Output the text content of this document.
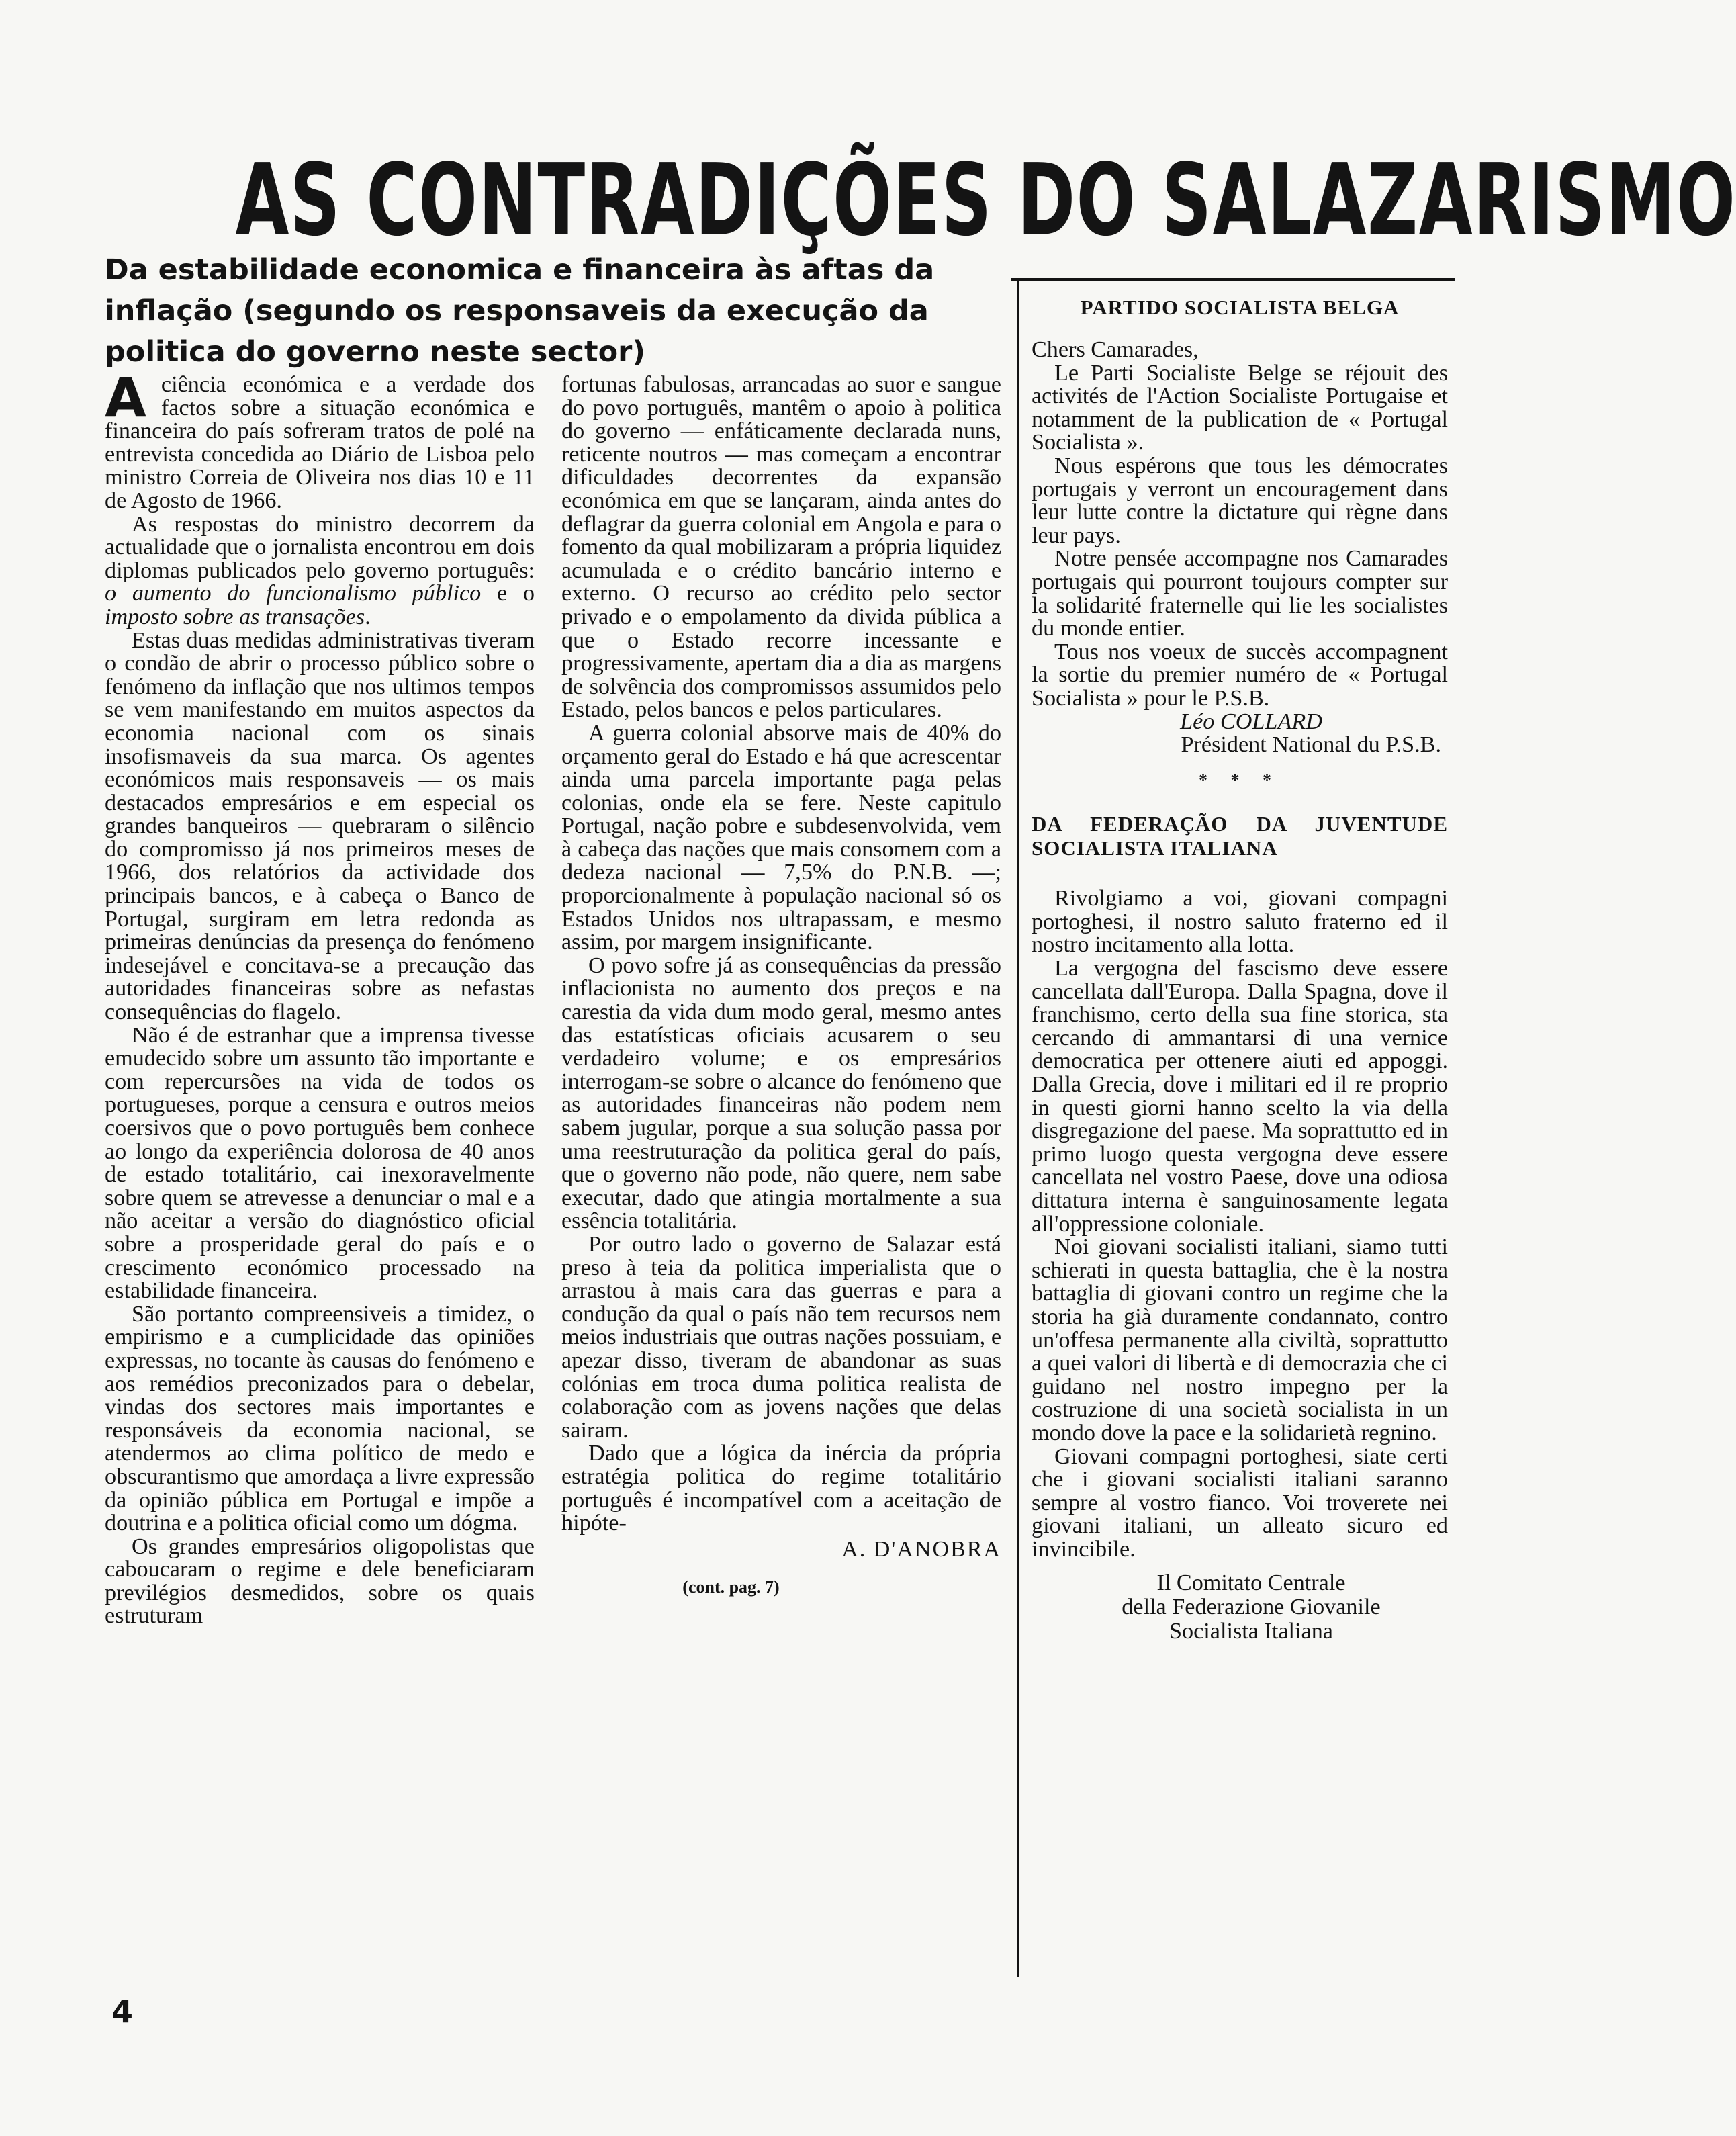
AS CONTRADIÇÕES DO SALAZARISMO
Da estabilidade economica e financeira às aftas da inflação (segundo os responsaveis da execução da politica do governo neste sector)

Aciência económica e a verdade dos factos sobre a situação económica e financeira do país sofreram tratos de polé na entrevista concedida ao Diário de Lisboa pelo ministro Correia de Oliveira nos dias 10 e 11 de Agosto de 1966.

As respostas do ministro decorrem da actualidade que o jornalista encontrou em dois diplomas publicados pelo governo português: o aumento do funcionalismo público e o imposto sobre as transações.

Estas duas medidas administrativas tiveram o condão de abrir o processo público sobre o fenómeno da inflação que nos ultimos tempos se vem manifestando em muitos aspectos da economia nacional com os sinais insofismaveis da sua marca. Os agentes económicos mais responsaveis — os mais destacados empresários e em especial os grandes banqueiros — quebraram o silêncio do compromisso já nos primeiros meses de 1966, dos relatórios da actividade dos principais bancos, e à cabeça o Banco de Portugal, surgiram em letra redonda as primeiras denúncias da presença do fenómeno indesejável e concitava-se a precaução das autoridades financeiras sobre as nefastas consequências do flagelo.

Não é de estranhar que a imprensa tivesse emudecido sobre um assunto tão importante e com repercursões na vida de todos os portugueses, porque a censura e outros meios coersivos que o povo português bem conhece ao longo da experiência dolorosa de 40 anos de estado totalitário, cai inexoravelmente sobre quem se atrevesse a denunciar o mal e a não aceitar a versão do diagnóstico oficial sobre a prosperidade geral do país e o crescimento económico processado na estabilidade financeira.

São portanto compreensiveis a timidez, o empirismo e a cumplicidade das opiniões expressas, no tocante às causas do fenómeno e aos remédios preconizados para o debelar, vindas dos sectores mais importantes e responsáveis da economia nacional, se atendermos ao clima político de medo e obscurantismo que amordaça a livre expressão da opinião pública em Portugal e impõe a doutrina e a politica oficial como um dógma.

Os grandes empresários oligopolistas que caboucaram o regime e dele beneficiaram previlégios desmedidos, sobre os quais estruturam

fortunas fabulosas, arrancadas ao suor e sangue do povo português, mantêm o apoio à politica do governo — enfáticamente declarada nuns, reticente noutros — mas começam a encontrar dificuldades decorrentes da expansão económica em que se lançaram, ainda antes do deflagrar da guerra colonial em Angola e para o fomento da qual mobilizaram a própria liquidez acumulada e o crédito bancário interno e externo. O recurso ao crédito pelo sector privado e o empolamento da divida pública a que o Estado recorre incessante e progressivamente, apertam dia a dia as margens de solvência dos compromissos assumidos pelo Estado, pelos bancos e pelos particulares.

A guerra colonial absorve mais de 40% do orçamento geral do Estado e há que acrescentar ainda uma parcela importante paga pelas colonias, onde ela se fere. Neste capitulo Portugal, nação pobre e subdesenvolvida, vem à cabeça das nações que mais consomem com a dedeza nacional — 7,5% do P.N.B. —; proporcionalmente à população nacional só os Estados Unidos nos ultrapassam, e mesmo assim, por margem insignificante.

O povo sofre já as consequências da pressão inflacionista no aumento dos preços e na carestia da vida dum modo geral, mesmo antes das estatísticas oficiais acusarem o seu verdadeiro volume; e os empresários interrogam-se sobre o alcance do fenómeno que as autoridades financeiras não podem nem sabem jugular, porque a sua solução passa por uma reestruturação da politica geral do país, que o governo não pode, não quere, nem sabe executar, dado que atingia mortalmente a sua essência totalitária.

Por outro lado o governo de Salazar está preso à teia da politica imperialista que o arrastou à mais cara das guerras e para a condução da qual o país não tem recursos nem meios industriais que outras nações possuiam, e apezar disso, tiveram de abandonar as suas colónias em troca duma politica realista de colaboração com as jovens nações que delas sairam.

Dado que a lógica da inércia da própria estratégia politica do regime totalitário português é incompatível com a aceitação de hipóte-

A. D'ANOBRA
(cont. pag. 7)
PARTIDO SOCIALISTA BELGA

Chers Camarades,

Le Parti Socialiste Belge se réjouit des activités de l'Action Socialiste Portugaise et notamment de la publication de « Portugal Socialista ».

Nous espérons que tous les démocrates portugais y verront un encouragement dans leur lutte contre la dictature qui règne dans leur pays.

Notre pensée accompagne nos Camarades portugais qui pourront toujours compter sur la solidarité fraternelle qui lie les socialistes du monde entier.

Tous nos voeux de succès accompagnent la sortie du premier numéro de « Portugal Socialista » pour le P.S.B.

Léo COLLARD

Président National du P.S.B.

* * *
DA FEDERAÇÃO DA JUVENTUDE SOCIALISTA ITALIANA

Rivolgiamo a voi, giovani compagni portoghesi, il nostro saluto fraterno ed il nostro incitamento alla lotta.

La vergogna del fascismo deve essere cancellata dall'Europa. Dalla Spagna, dove il franchismo, certo della sua fine storica, sta cercando di ammantarsi di una vernice democratica per ottenere aiuti ed appoggi. Dalla Grecia, dove i militari ed il re proprio in questi giorni hanno scelto la via della disgregazione del paese. Ma soprattutto ed in primo luogo questa vergogna deve essere cancellata nel vostro Paese, dove una odiosa dittatura interna è sanguinosamente legata all'oppressione coloniale.

Noi giovani socialisti italiani, siamo tutti schierati in questa battaglia, che è la nostra battaglia di giovani contro un regime che la storia ha già duramente condannato, contro un'offesa permanente alla civiltà, soprattutto a quei valori di libertà e di democrazia che ci guidano nel nostro impegno per la costruzione di una società socialista in un mondo dove la pace e la solidarietà regnino.

Giovani compagni portoghesi, siate certi che i giovani socialisti italiani saranno sempre al vostro fianco. Voi troverete nei giovani italiani, un alleato sicuro ed invincibile.

Il Comitato Centrale

della Federazione Giovanile

Socialista Italiana

4
